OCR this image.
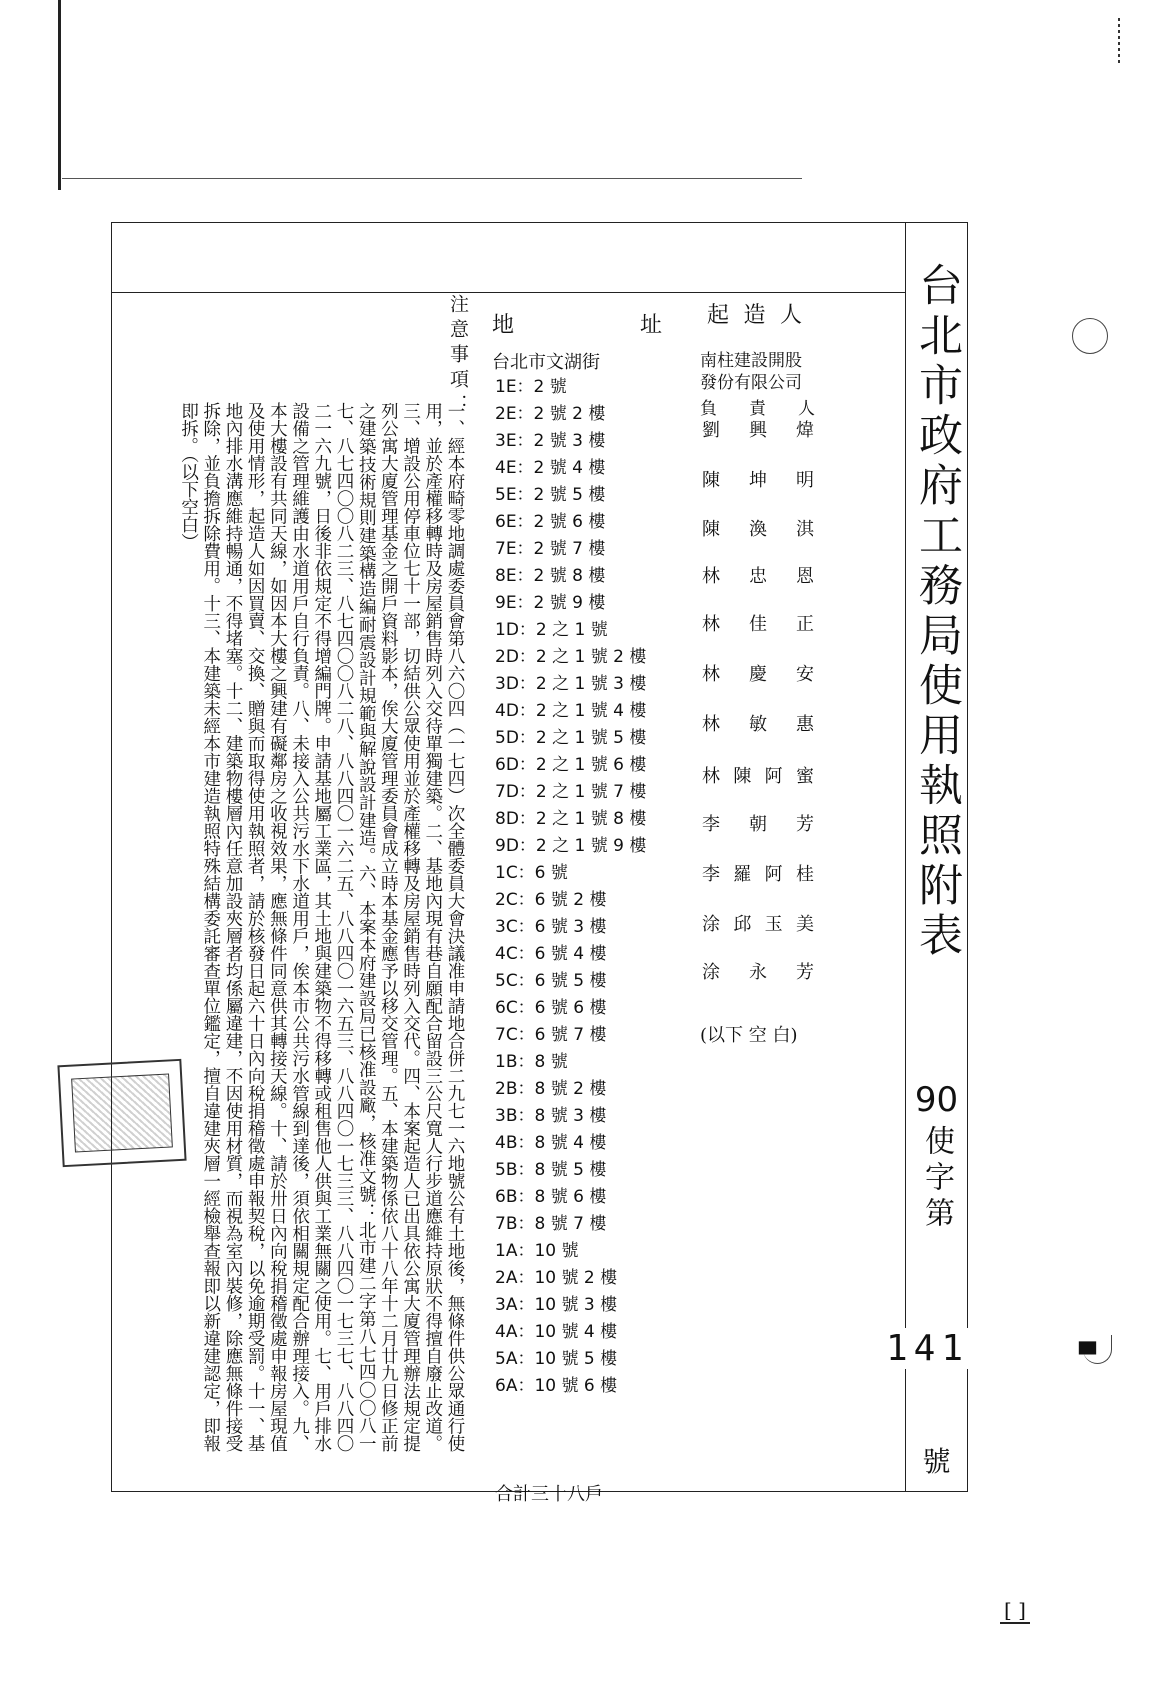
▀
[ ]
台北市政府工務局使用執照附表
90
使字第
141
號
起 造 人
南柱建設開股
發份有限公司
負 責 人
劉 興 煒
陳 坤 明
陳 渙 淇
林 忠 恩
林 佳 正
林 慶 安
林 敏 惠
林 陳 阿 蜜
李 朝 芳
李 羅 阿 桂
涂 邱 玉 美
涂 永 芳
(以下 空 白)
地	址
台北市文湖街
1E：2 號
2E：2 號 2 樓
3E：2 號 3 樓
4E：2 號 4 樓
5E：2 號 5 樓
6E：2 號 6 樓
7E：2 號 7 樓
8E：2 號 8 樓
9E：2 號 9 樓
1D：2 之 1 號
2D：2 之 1 號 2 樓
3D：2 之 1 號 3 樓
4D：2 之 1 號 4 樓
5D：2 之 1 號 5 樓
6D：2 之 1 號 6 樓
7D：2 之 1 號 7 樓
8D：2 之 1 號 8 樓
9D：2 之 1 號 9 樓
1C：6 號
2C：6 號 2 樓
3C：6 號 3 樓
4C：6 號 4 樓
5C：6 號 5 樓
6C：6 號 6 樓
7C：6 號 7 樓
1B：8 號
2B：8 號 2 樓
3B：8 號 3 樓
4B：8 號 4 樓
5B：8 號 5 樓
6B：8 號 6 樓
7B：8 號 7 樓
1A：10 號
2A：10 號 2 樓
3A：10 號 3 樓
4A：10 號 4 樓
5A：10 號 5 樓
6A：10 號 6 樓
合計三十八戶
注意事項：
一、經本府畸零地調處委員會第八六〇四（一七四）次全體委員大會決議准申請地合併二九七一六地號公有土地後，無條件供公眾通行使用，並於產權移轉時及房屋銷售時列入交待單獨建築。二、基地內現有巷自願配合留設三公尺寬人行步道應維持原狀不得擅自廢止改道。三、增設公用停車位七十一部，切結供公眾使用並於產權移轉及房屋銷售時列入交代。四、本案起造人已出具依公寓大廈管理辦法規定提列公寓大廈管理基金之開戶資料影本，俟大廈管理委員會成立時本基金應予以移交管理。五、本建築物係依八十八年十二月廿九日修正前之建築技術規則建築構造編耐震設計規範與解說設計建造。六、本案本府建設局已核准設廠，核准文號：北市建二字第八七四〇〇八一七、八七四〇〇八二三、八七四〇〇八二八、八八四〇一六二五、八八四〇一六五三、八八四〇一七三三、八八四〇一七三七、八八四〇二一六九號，日後非依規定不得增編門牌。申請基地屬工業區，其土地與建築物不得移轉或租售他人供與工業無關之使用。七、用戶排水設備之管理維護由水道用戶自行負責。八、未接入公共污水下水道用戶，俟本市公共污水管線到達後，須依相關規定配合辦理接入。九、本大樓設有共同天線，如因本大樓之興建有礙鄰房之收視效果，應無條件同意供其轉接天線。十、請於卅日內向稅捐稽徵處申報房屋現值及使用情形，起造人如因買賣、交換、贈與而取得使用執照者，請於核發日起六十日內向稅捐稽徵處申報契稅，以免逾期受罰。十一、基地內排水溝應維持暢通，不得堵塞。十二、建築物樓層內任意加設夾層者均係屬違建，不因使用材質，而視為室內裝修，除應無條件接受拆除，並負擔拆除費用。十三、本建築未經本市建造執照特殊結構委託審查單位鑑定，擅自違建夾層一經檢舉查報即以新違建認定，即報即拆。（以下空白）
